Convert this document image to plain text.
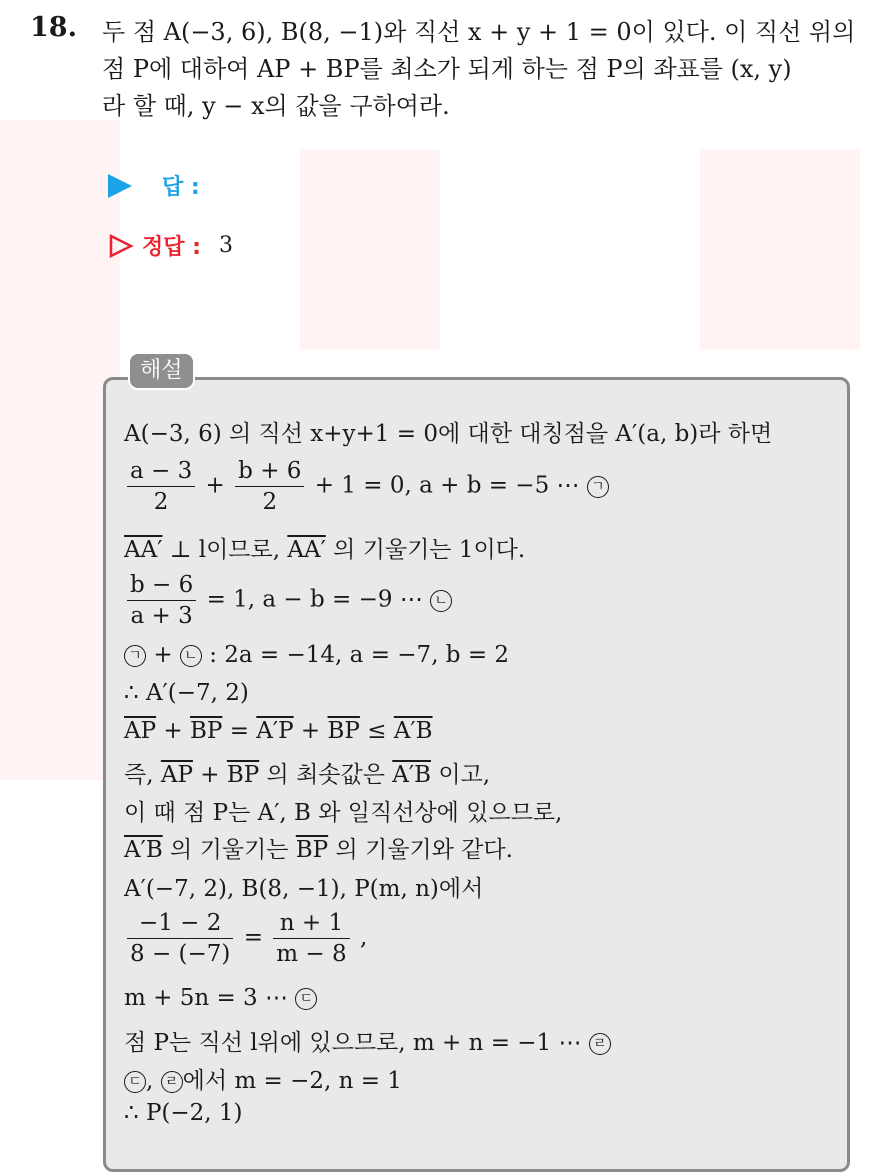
18. 두 점 A(−3, 6), B(8, −1)와 직선 x + y + 1 = 0이 있다. 이 직선 위의
점 P에 대하여 AP + BP를 최소가 되게 하는 점 P의 좌표를 (x, y)
라 할 때, y − x의 값을 구하여라.
답 :
정답 : 3
해설
A(−3, 6) 의 직선 x+y+1 = 0에 대한 대칭점을 A′(a, b)라 하면
$\frac{a - 3}{2} + \frac{b + 6}{2} + 1 = 0$, a + b = −5 ⋯ ㄱ
AA′ ⊥ l이므로, AA′ 의 기울기는 1이다.
$\frac{b - 6}{a + 3} = 1$, a − b = −9 ⋯ ㄴ
ㄱ + ㄴ : 2a = −14, a = −7, b = 2
∴ A′(−7, 2)
$\overline{AP} + \overline{BP} = A'P + \overline{BP} \le A'B$
즉, $\overline{AP} + \overline{BP}$ 의 최솟값은 A′B 이고,
이 때 점 P는 A′, B 와 일직선상에 있으므로,
A′B 의 기울기는 $\overline{BP}$ 의 기울기와 같다.
A′(−7, 2), B(8, −1), P(m, n)에서
$\frac{-1 - 2}{8 - (-7)} = \frac{n + 1}{m - 8}$ ,
m + 5n = 3 ⋯ ㄷ
점 P는 직선 l위에 있으므로, m + n = −1 ⋯ ㄹ
ㄷ , ㄹ 에서 m = −2, n = 1
∴ P(−2, 1)
